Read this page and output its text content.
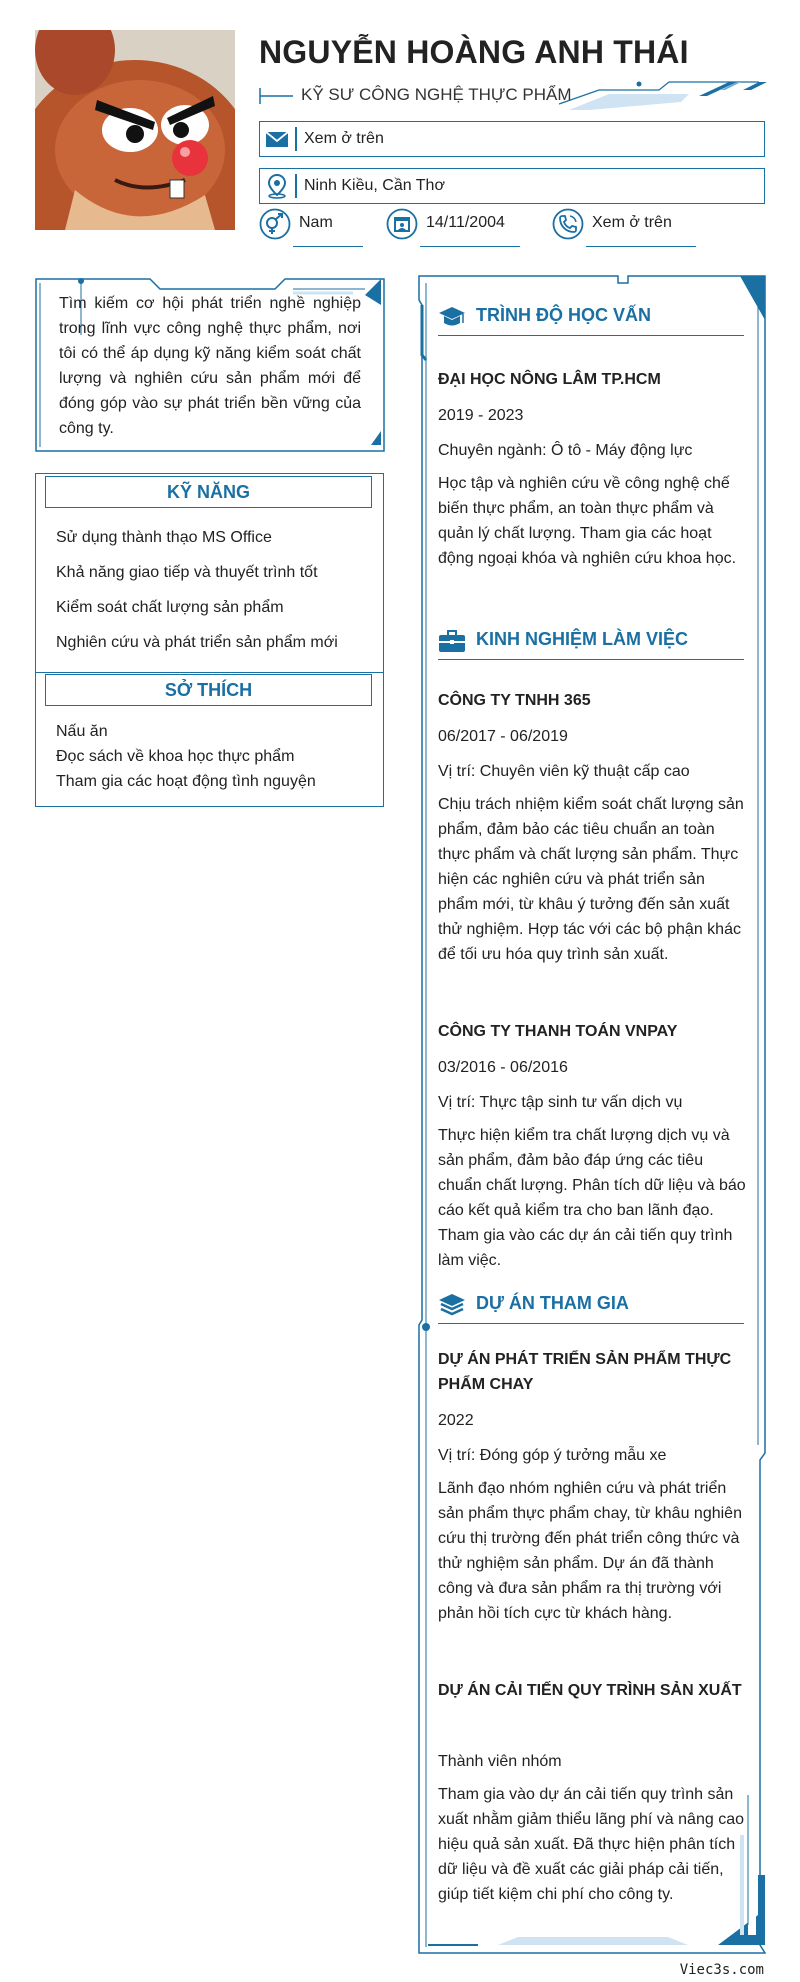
NGUYỄN HOÀNG ANH THÁI
KỸ SƯ CÔNG NGHỆ THỰC PHẨM
Xem ở trên
Ninh Kiều, Cần Thơ
Nam	14/11/2004	Xem ở trên

Tìm kiếm cơ hội phát triển nghề nghiệp trong lĩnh vực công nghệ thực phẩm, nơi tôi có thể áp dụng kỹ năng kiểm soát chất lượng và nghiên cứu sản phẩm mới để đóng góp vào sự phát triển bền vững của công ty.

KỸ NĂNG
Sử dụng thành thạo MS Office
Khả năng giao tiếp và thuyết trình tốt
Kiểm soát chất lượng sản phẩm
Nghiên cứu và phát triển sản phẩm mới
SỞ THÍCH
Nấu ăn
Đọc sách về khoa học thực phẩm
Tham gia các hoạt động tình nguyện
TRÌNH ĐỘ HỌC VẤN
ĐẠI HỌC NÔNG LÂM TP.HCM
2019 - 2023
Chuyên ngành: Ô tô - Máy động lực
Học tập và nghiên cứu về công nghệ chế biến thực phẩm, an toàn thực phẩm và quản lý chất lượng. Tham gia các hoạt động ngoại khóa và nghiên cứu khoa học.
KINH NGHIỆM LÀM VIỆC
CÔNG TY TNHH 365
06/2017 - 06/2019
Vị trí: Chuyên viên kỹ thuật cấp cao
Chịu trách nhiệm kiểm soát chất lượng sản phẩm, đảm bảo các tiêu chuẩn an toàn thực phẩm và chất lượng sản phẩm. Thực hiện các nghiên cứu và phát triển sản phẩm mới, từ khâu ý tưởng đến sản xuất thử nghiệm. Hợp tác với các bộ phận khác để tối ưu hóa quy trình sản xuất.
CÔNG TY THANH TOÁN VNPAY
03/2016 - 06/2016
Vị trí: Thực tập sinh tư vấn dịch vụ
Thực hiện kiểm tra chất lượng dịch vụ và sản phẩm, đảm bảo đáp ứng các tiêu chuẩn chất lượng. Phân tích dữ liệu và báo cáo kết quả kiểm tra cho ban lãnh đạo. Tham gia vào các dự án cải tiến quy trình làm việc.
DỰ ÁN THAM GIA
DỰ ÁN PHÁT TRIỂN SẢN PHẨM THỰC PHẨM CHAY
2022
Vị trí: Đóng góp ý tưởng mẫu xe
Lãnh đạo nhóm nghiên cứu và phát triển sản phẩm thực phẩm chay, từ khâu nghiên cứu thị trường đến phát triển công thức và thử nghiệm sản phẩm. Dự án đã thành công và đưa sản phẩm ra thị trường với phản hồi tích cực từ khách hàng.
DỰ ÁN CẢI TIẾN QUY TRÌNH SẢN XUẤT
Thành viên nhóm
Tham gia vào dự án cải tiến quy trình sản xuất nhằm giảm thiểu lãng phí và nâng cao hiệu quả sản xuất. Đã thực hiện phân tích dữ liệu và đề xuất các giải pháp cải tiến, giúp tiết kiệm chi phí cho công ty.
Viec3s.com
